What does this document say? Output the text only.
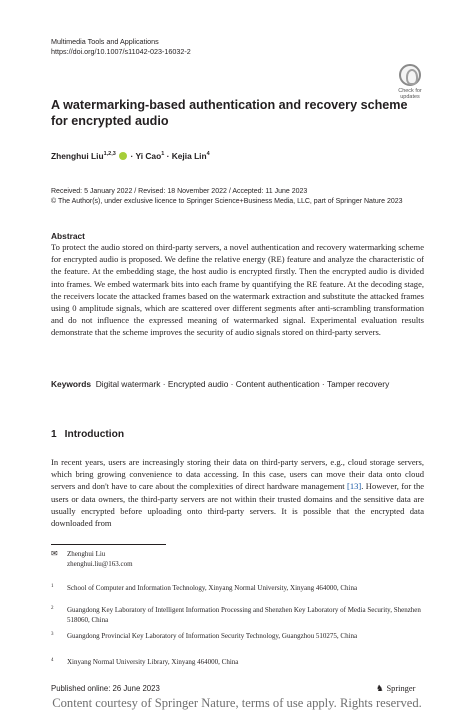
Multimedia Tools and Applications
https://doi.org/10.1007/s11042-023-16032-2
Check for
updates
A watermarking-based authentication and recovery scheme
for encrypted audio
Zhenghui Liu$^{1,2,3}$  · Yi Cao$^1$ · Kejia Lin$^4$
Received: 5 January 2022 / Revised: 18 November 2022 / Accepted: 11 June 2023
© The Author(s), under exclusive licence to Springer Science+Business Media, LLC, part of Springer Nature 2023
Abstract
To protect the audio stored on third-party servers, a novel authentication and recovery watermarking scheme for encrypted audio is proposed. We define the relative energy (RE) feature and analyze the characteristic of the feature. At the embedding stage, the host audio is encrypted firstly. Then the encrypted audio is divided into frames. We embed watermark bits into each frame by quantifying the RE feature. At the decoding stage, the receivers locate the attacked frames based on the watermark extraction and substitute the attacked frames using 0 amplitude signals, which are scattered over different segments after anti-scrambling transformation and do not influence the expressed meaning of watermarked signal. Experimental evaluation results demonstrate that the scheme improves the security of audio signals stored on third-party servers.
Keywords Digital watermark · Encrypted audio · Content authentication · Tamper recovery
1 Introduction
In recent years, users are increasingly storing their data on third-party servers, e.g., cloud storage servers, which bring growing convenience to data accessing. In this case, users can move their data onto cloud servers and don't have to care about the complexities of direct hardware management [13]. However, for the users or data owners, the third-party servers are not within their trusted domains and the sensitive data are usually encrypted before uploading onto third-party servers. It is possible that the encrypted data downloaded from
✉ Zhenghui Liu
zhenghui.liu@163.com
1 School of Computer and Information Technology, Xinyang Normal University, Xinyang 464000, China
2 Guangdong Key Laboratory of Intelligent Information Processing and Shenzhen Key Laboratory of Media Security, Shenzhen 518060, China
3 Guangdong Provincial Key Laboratory of Information Security Technology, Guangzhou 510275, China
4 Xinyang Normal University Library, Xinyang 464000, China
Published online: 26 June 2023	♞ Springer
Content courtesy of Springer Nature, terms of use apply. Rights reserved.
